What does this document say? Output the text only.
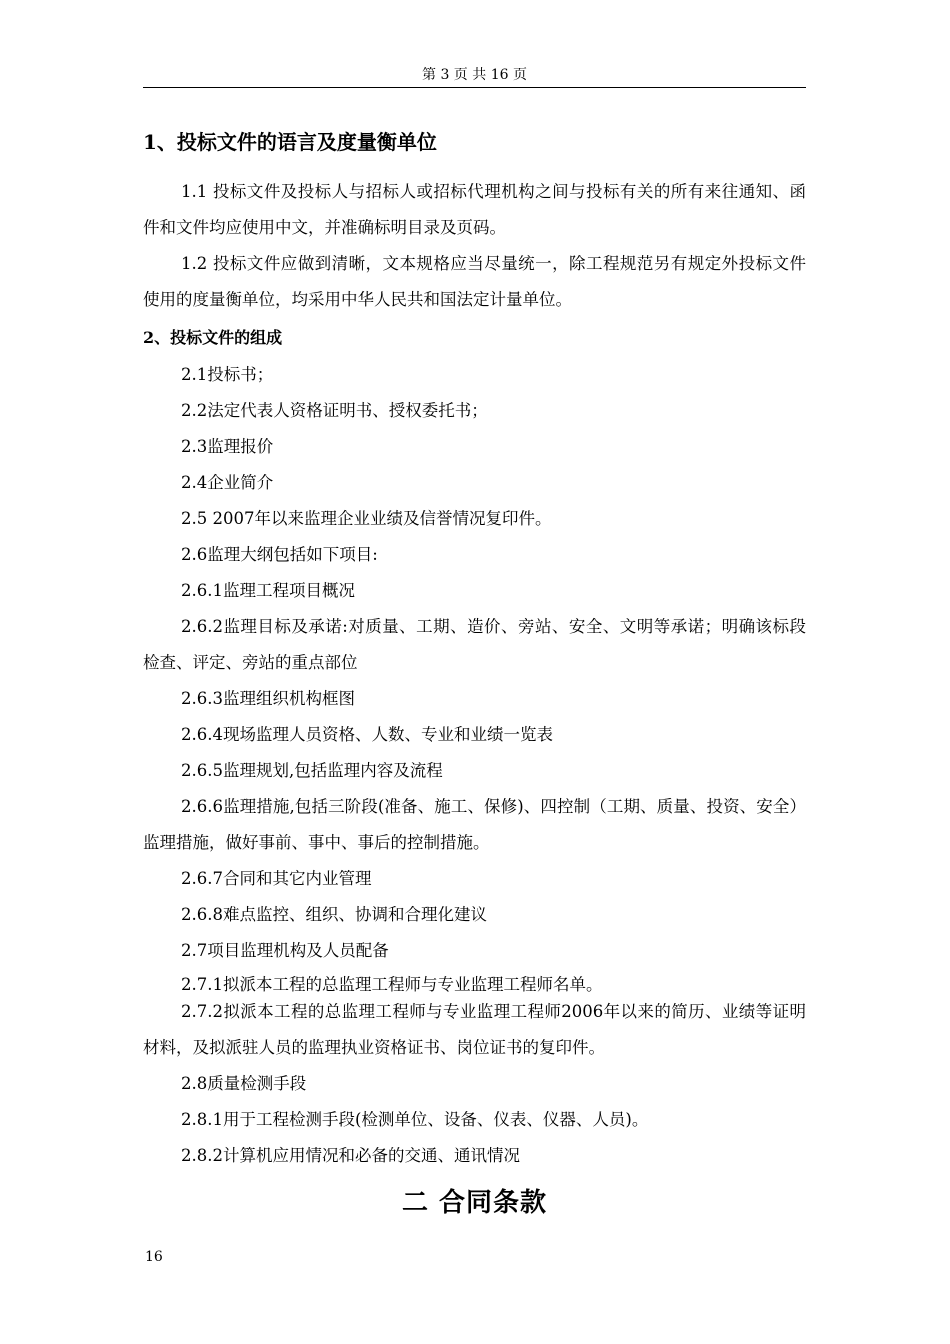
第 3 页 共 16 页
1、投标文件的语言及度量衡单位
1.1 投标文件及投标人与招标人或招标代理机构之间与投标有关的所有来往通知、函件和文件均应使用中文，并准确标明目录及页码。
1.2 投标文件应做到清晰，文本规格应当尽量统一，除工程规范另有规定外投标文件使用的度量衡单位，均采用中华人民共和国法定计量单位。
2、投标文件的组成
2.1投标书；
2.2法定代表人资格证明书、授权委托书；
2.3监理报价
2.4企业简介
2.5 2007年以来监理企业业绩及信誉情况复印件。
2.6监理大纲包括如下项目:
2.6.1监理工程项目概况
2.6.2监理目标及承诺:对质量、工期、造价、旁站、安全、文明等承诺；明确该标段检查、评定、旁站的重点部位
2.6.3监理组织机构框图
2.6.4现场监理人员资格、人数、专业和业绩一览表
2.6.5监理规划,包括监理内容及流程
2.6.6监理措施,包括三阶段(准备、施工、保修)、四控制（工期、质量、投资、安全）监理措施，做好事前、事中、事后的控制措施。
2.6.7合同和其它内业管理
2.6.8难点监控、组织、协调和合理化建议
2.7项目监理机构及人员配备
2.7.1拟派本工程的总监理工程师与专业监理工程师名单。
2.7.2拟派本工程的总监理工程师与专业监理工程师2006年以来的简历、业绩等证明材料，及拟派驻人员的监理执业资格证书、岗位证书的复印件。
2.8质量检测手段
2.8.1用于工程检测手段(检测单位、设备、仪表、仪器、人员)。
2.8.2计算机应用情况和必备的交通、通讯情况
二 合同条款
16
